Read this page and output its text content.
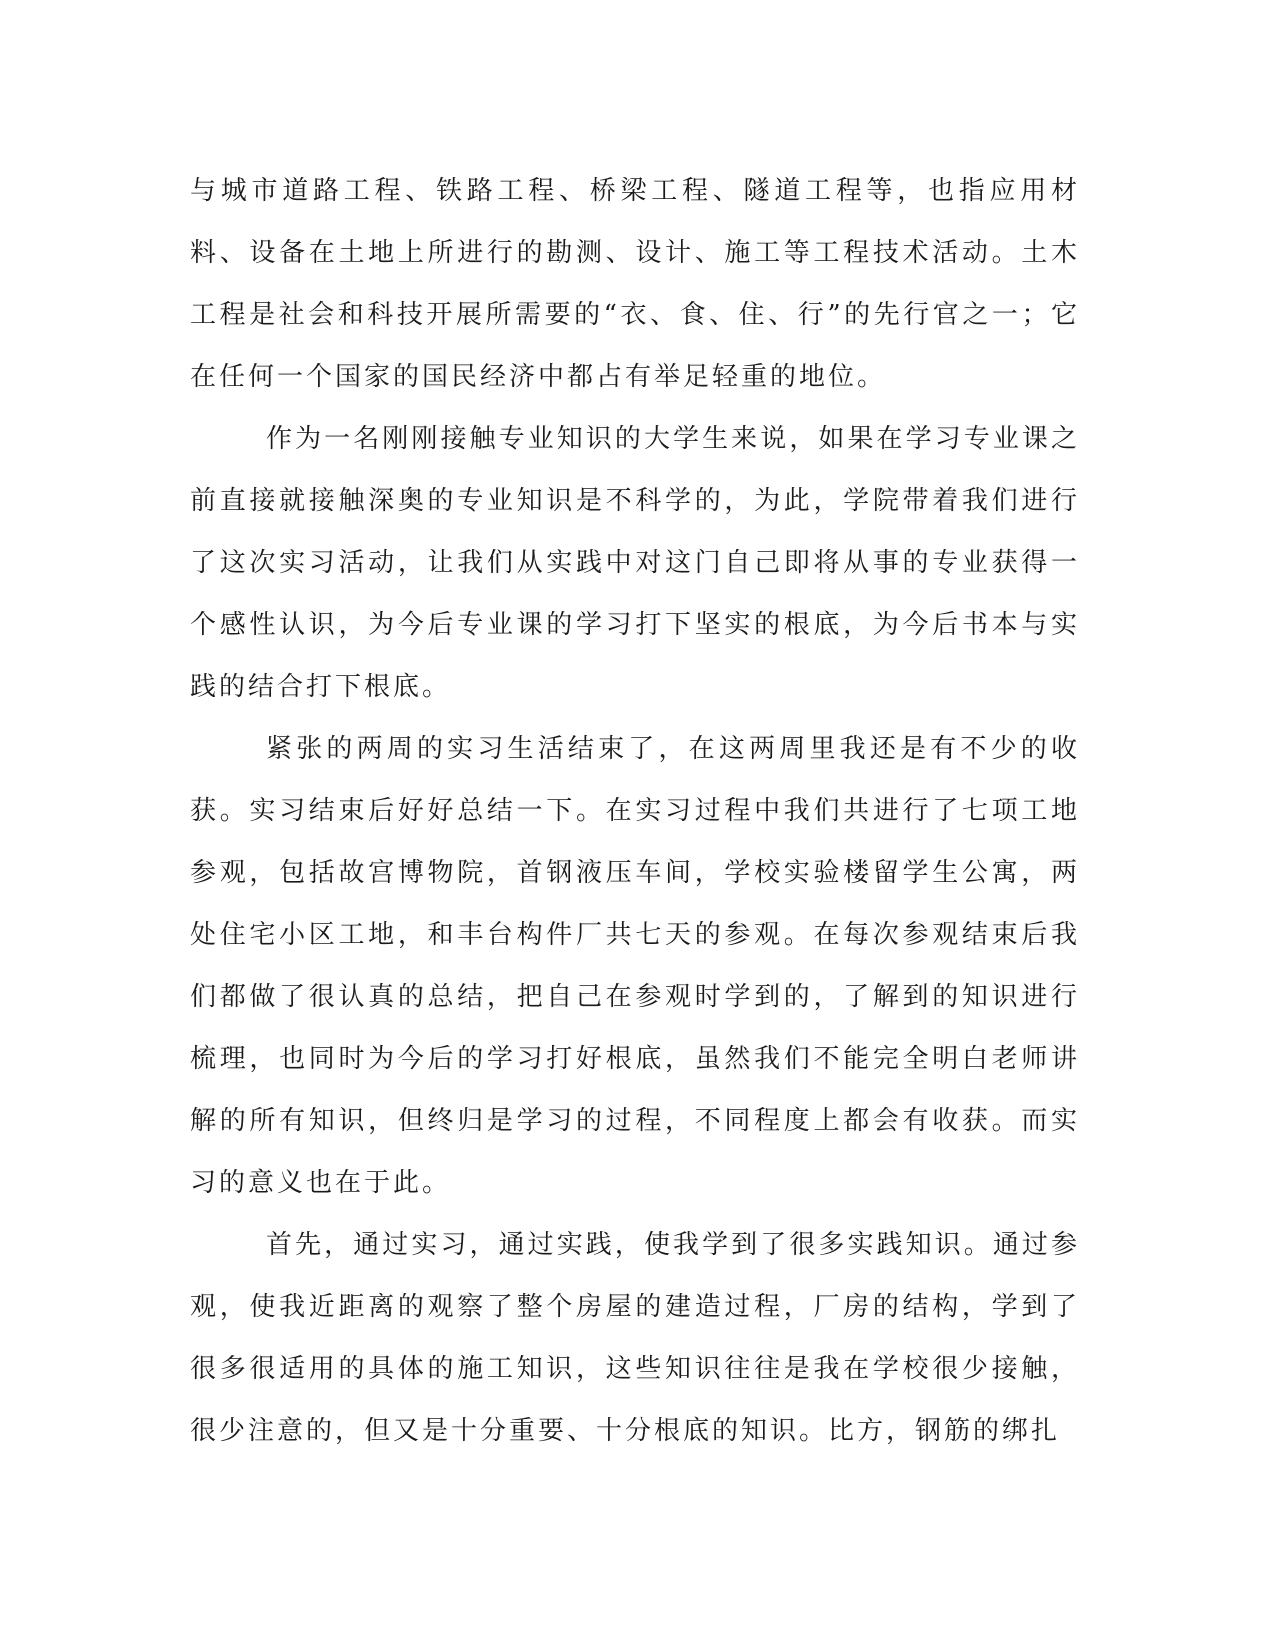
与城市道路工程、铁路工程、桥梁工程、隧道工程等，也指应用材料、设备在土地上所进行的勘测、设计、施工等工程技术活动。土木工程是社会和科技开展所需要的“衣、食、住、行”的先行官之一；它在任何一个国家的国民经济中都占有举足轻重的地位。

作为一名刚刚接触专业知识的大学生来说，如果在学习专业课之前直接就接触深奥的专业知识是不科学的，为此，学院带着我们进行了这次实习活动，让我们从实践中对这门自己即将从事的专业获得一个感性认识，为今后专业课的学习打下坚实的根底，为今后书本与实践的结合打下根底。

紧张的两周的实习生活结束了，在这两周里我还是有不少的收获。实习结束后好好总结一下。在实习过程中我们共进行了七项工地参观，包括故宫博物院，首钢液压车间，学校实验楼留学生公寓，两处住宅小区工地，和丰台构件厂共七天的参观。在每次参观结束后我们都做了很认真的总结，把自己在参观时学到的，了解到的知识进行梳理，也同时为今后的学习打好根底，虽然我们不能完全明白老师讲解的所有知识，但终归是学习的过程，不同程度上都会有收获。而实习的意义也在于此。

首先，通过实习，通过实践，使我学到了很多实践知识。通过参观，使我近距离的观察了整个房屋的建造过程，厂房的结构，学到了很多很适用的具体的施工知识，这些知识往往是我在学校很少接触，很少注意的，但又是十分重要、十分根底的知识。比方，钢筋的绑扎
